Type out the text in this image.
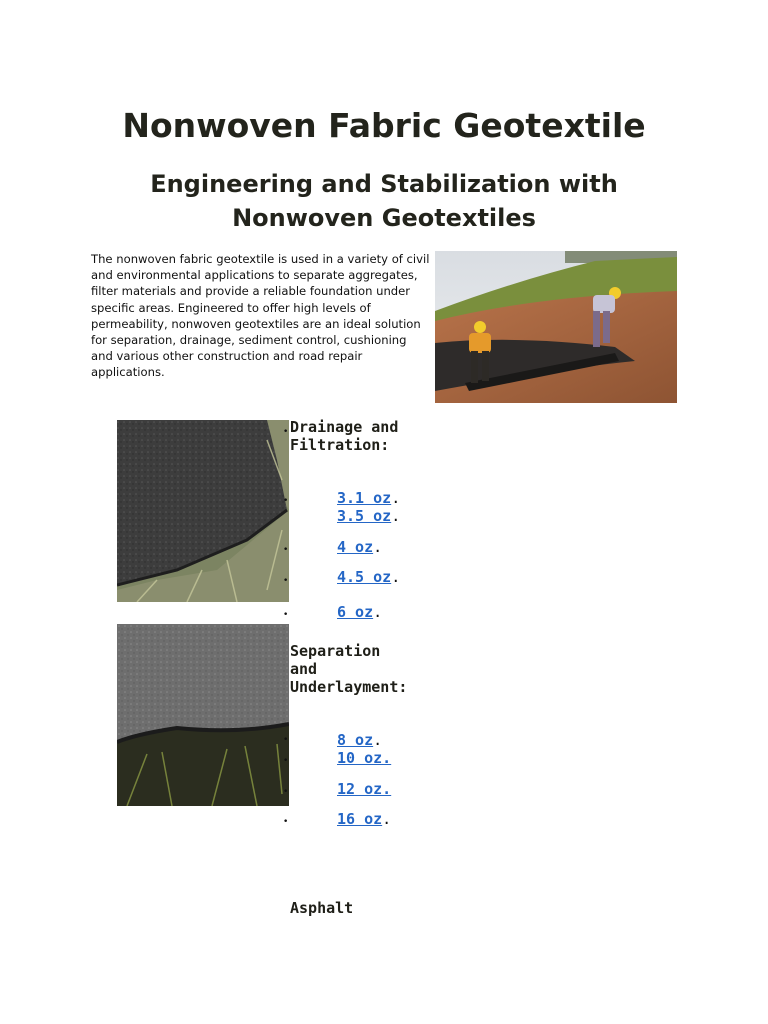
Nonwoven Fabric Geotextile
Engineering and Stabilization with Nonwoven Geotextiles

The nonwoven fabric geotextile is used in a variety of civil and environmental applications to separate aggregates, filter materials and provide a reliable foundation under specific areas. Engineered to offer high levels of permeability, nonwoven geotextiles are an ideal solution for separation, drainage, sediment control, cushioning and various other construction and road repair applications.

Drainage and Filtration:

•
•	3.1 oz.
3.5 oz.
•	4 oz.
•	4.5 oz.
•	6 oz.

Separation and Underlayment:

•	8 oz.
•	10 oz.
•	12 oz.
•	16 oz.

Asphalt
